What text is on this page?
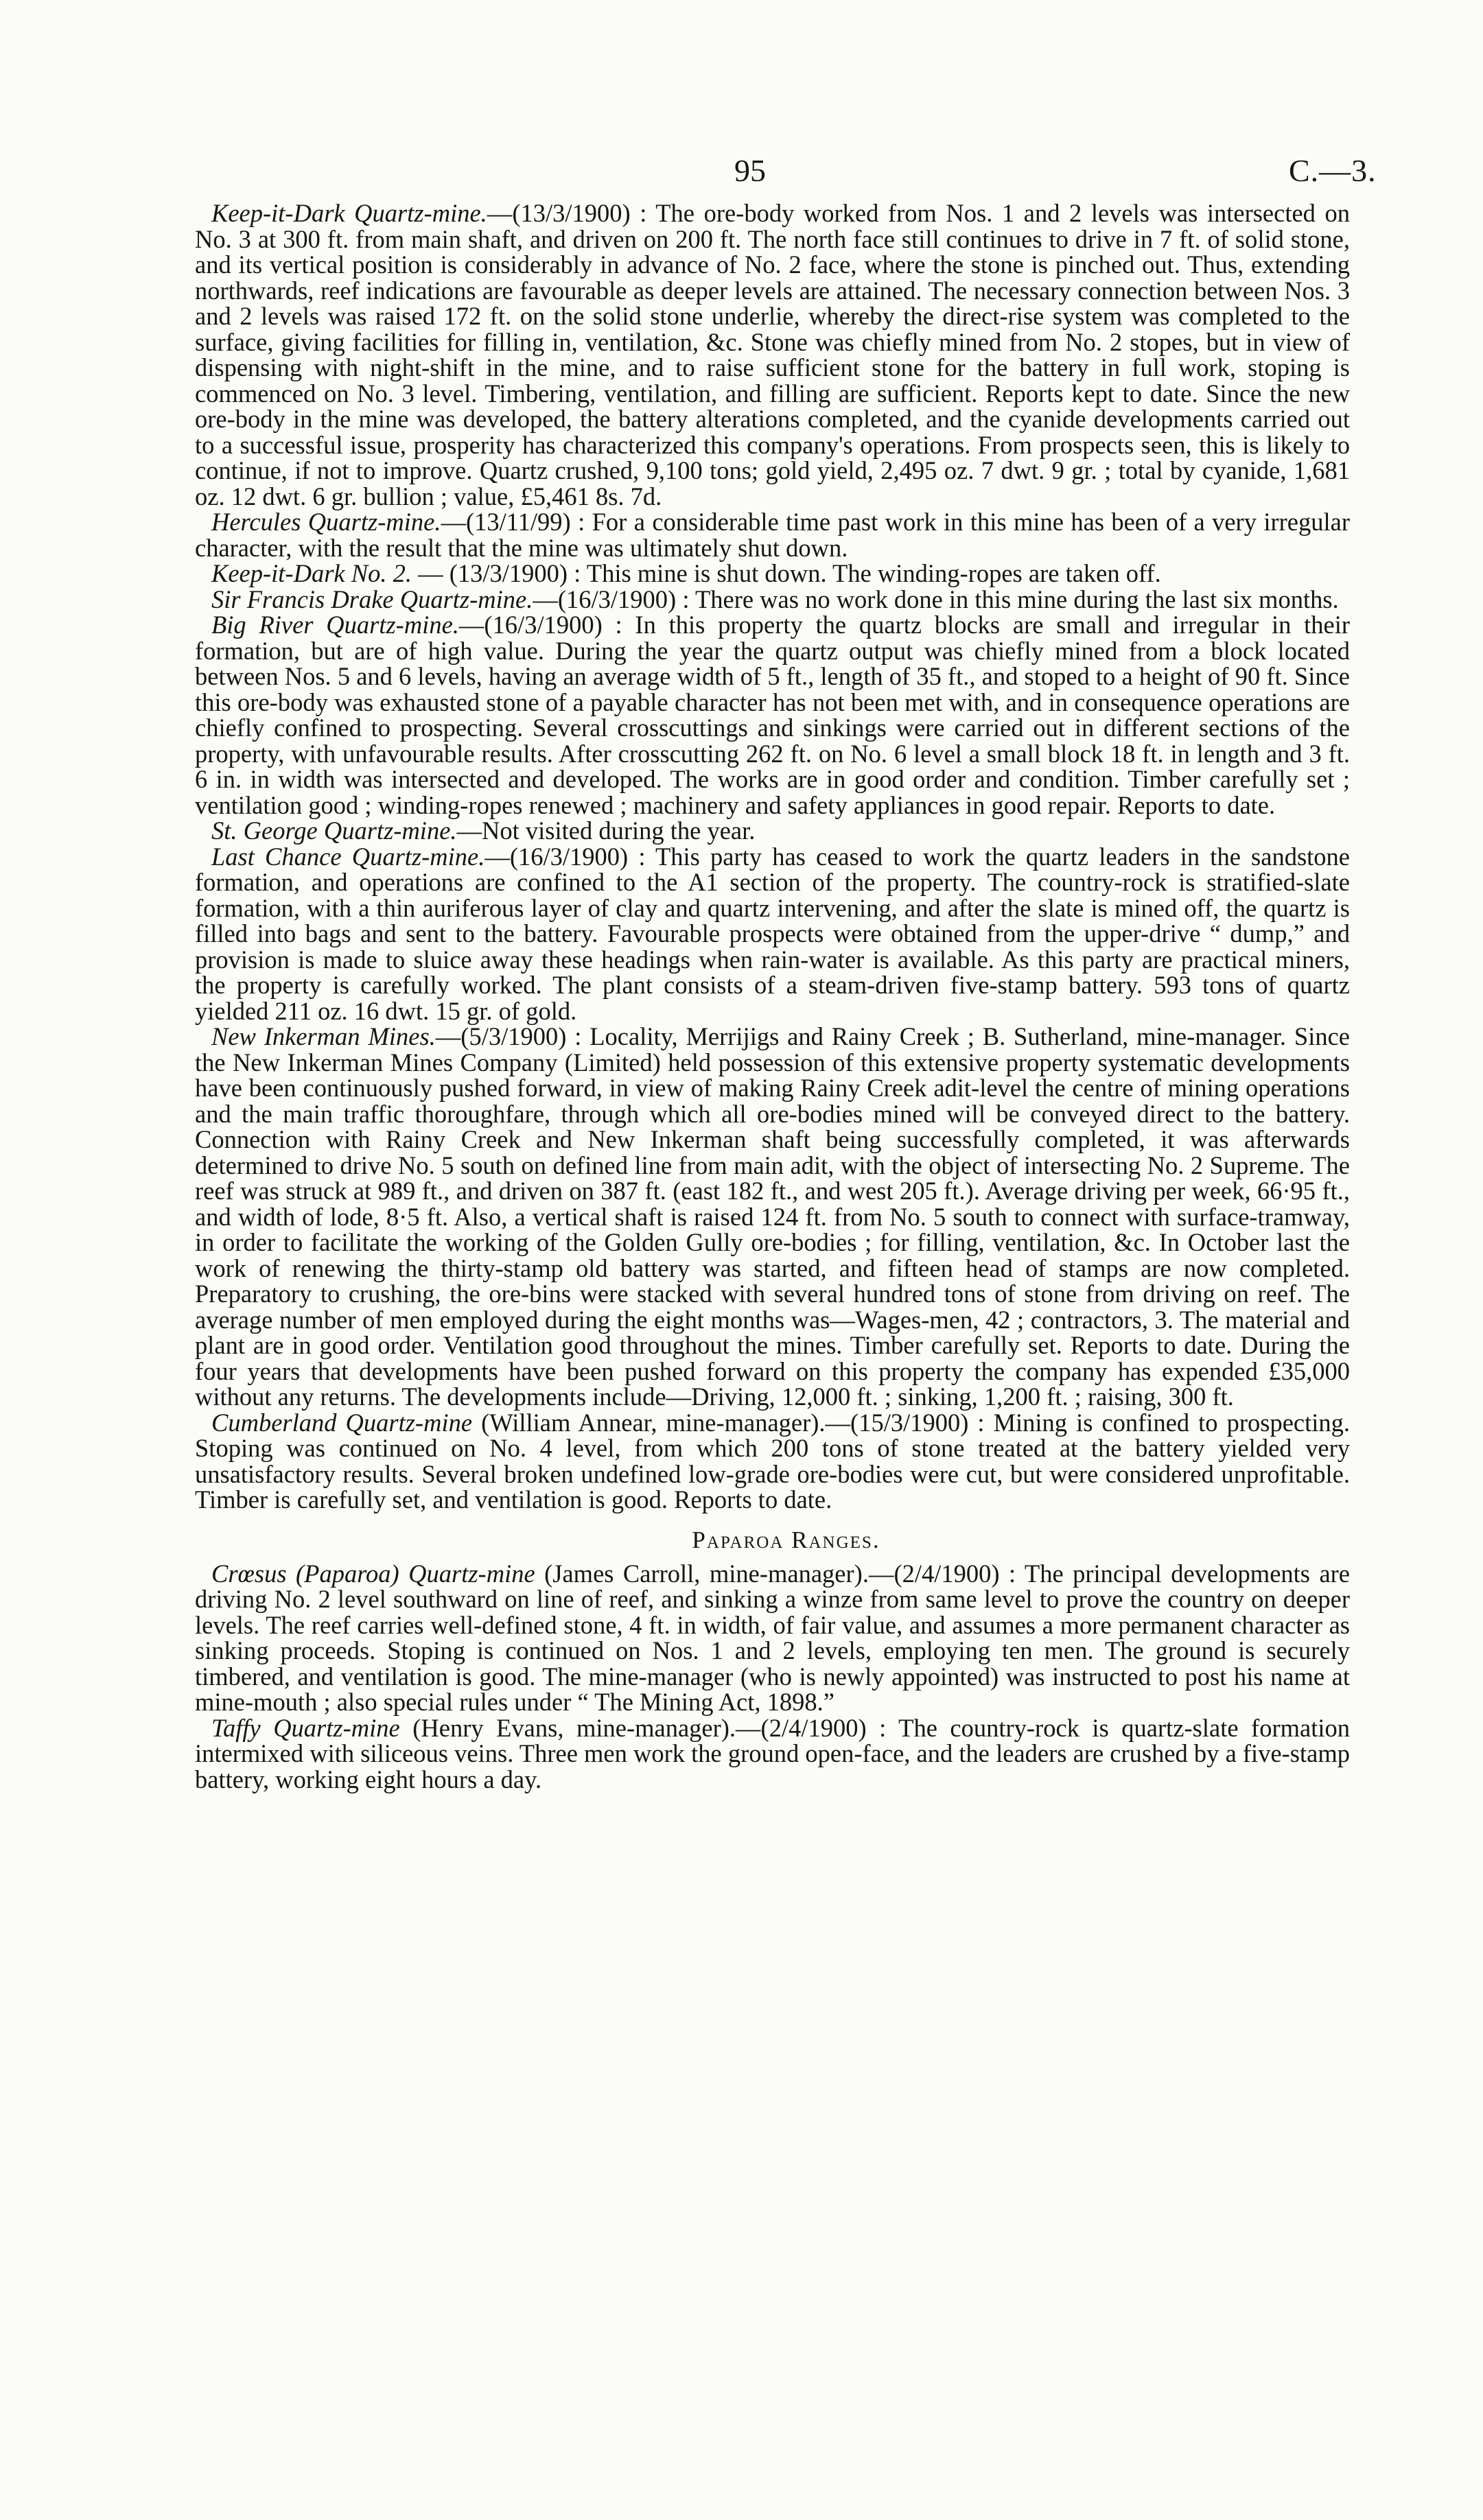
95	C.—3.

Keep-it-Dark Quartz-mine.—(13/3/1900) : The ore-body worked from Nos. 1 and 2 levels was intersected on No. 3 at 300 ft. from main shaft, and driven on 200 ft. The north face still continues to drive in 7 ft. of solid stone, and its vertical position is considerably in advance of No. 2 face, where the stone is pinched out. Thus, extending northwards, reef indications are favourable as deeper levels are attained. The necessary connection between Nos. 3 and 2 levels was raised 172 ft. on the solid stone underlie, whereby the direct-rise system was completed to the surface, giving facilities for filling in, ventilation, &c. Stone was chiefly mined from No. 2 stopes, but in view of dispensing with night-shift in the mine, and to raise sufficient stone for the battery in full work, stoping is commenced on No. 3 level. Timbering, ventilation, and filling are sufficient. Reports kept to date. Since the new ore-body in the mine was developed, the battery alterations completed, and the cyanide developments carried out to a successful issue, prosperity has characterized this company's operations. From prospects seen, this is likely to continue, if not to improve. Quartz crushed, 9,100 tons; gold yield, 2,495 oz. 7 dwt. 9 gr. ; total by cyanide, 1,681 oz. 12 dwt. 6 gr. bullion ; value, £5,461 8s. 7d.

Hercules Quartz-mine.—(13/11/99) : For a considerable time past work in this mine has been of a very irregular character, with the result that the mine was ultimately shut down.

Keep-it-Dark No. 2. — (13/3/1900) : This mine is shut down. The winding-ropes are taken off.

Sir Francis Drake Quartz-mine.—(16/3/1900) : There was no work done in this mine during the last six months.

Big River Quartz-mine.—(16/3/1900) : In this property the quartz blocks are small and irregular in their formation, but are of high value. During the year the quartz output was chiefly mined from a block located between Nos. 5 and 6 levels, having an average width of 5 ft., length of 35 ft., and stoped to a height of 90 ft. Since this ore-body was exhausted stone of a payable character has not been met with, and in consequence operations are chiefly confined to prospecting. Several crosscuttings and sinkings were carried out in different sections of the property, with unfavourable results. After crosscutting 262 ft. on No. 6 level a small block 18 ft. in length and 3 ft. 6 in. in width was intersected and developed. The works are in good order and condition. Timber carefully set ; ventilation good ; winding-ropes renewed ; machinery and safety appliances in good repair. Reports to date.

St. George Quartz-mine.—Not visited during the year.

Last Chance Quartz-mine.—(16/3/1900) : This party has ceased to work the quartz leaders in the sandstone formation, and operations are confined to the A1 section of the property. The country-rock is stratified-slate formation, with a thin auriferous layer of clay and quartz intervening, and after the slate is mined off, the quartz is filled into bags and sent to the battery. Favourable prospects were obtained from the upper-drive “ dump,” and provision is made to sluice away these headings when rain-water is available. As this party are practical miners, the property is carefully worked. The plant consists of a steam-driven five-stamp battery. 593 tons of quartz yielded 211 oz. 16 dwt. 15 gr. of gold.

New Inkerman Mines.—(5/3/1900) : Locality, Merrijigs and Rainy Creek ; B. Sutherland, mine-manager. Since the New Inkerman Mines Company (Limited) held possession of this extensive property systematic developments have been continuously pushed forward, in view of making Rainy Creek adit-level the centre of mining operations and the main traffic thoroughfare, through which all ore-bodies mined will be conveyed direct to the battery. Connection with Rainy Creek and New Inkerman shaft being successfully completed, it was afterwards determined to drive No. 5 south on defined line from main adit, with the object of intersecting No. 2 Supreme. The reef was struck at 989 ft., and driven on 387 ft. (east 182 ft., and west 205 ft.). Average driving per week, 66·95 ft., and width of lode, 8·5 ft. Also, a vertical shaft is raised 124 ft. from No. 5 south to connect with surface-tramway, in order to facilitate the working of the Golden Gully ore-bodies ; for filling, ventilation, &c. In October last the work of renewing the thirty-stamp old battery was started, and fifteen head of stamps are now completed. Preparatory to crushing, the ore-bins were stacked with several hundred tons of stone from driving on reef. The average number of men employed during the eight months was—Wages-men, 42 ; contractors, 3. The material and plant are in good order. Ventilation good throughout the mines. Timber carefully set. Reports to date. During the four years that developments have been pushed forward on this property the company has expended £35,000 without any returns. The developments include—Driving, 12,000 ft. ; sinking, 1,200 ft. ; raising, 300 ft.

Cumberland Quartz-mine (William Annear, mine-manager).—(15/3/1900) : Mining is confined to prospecting. Stoping was continued on No. 4 level, from which 200 tons of stone treated at the battery yielded very unsatisfactory results. Several broken undefined low-grade ore-bodies were cut, but were considered unprofitable. Timber is carefully set, and ventilation is good. Reports to date.

Paparoa Ranges.

Crœsus (Paparoa) Quartz-mine (James Carroll, mine-manager).—(2/4/1900) : The principal developments are driving No. 2 level southward on line of reef, and sinking a winze from same level to prove the country on deeper levels. The reef carries well-defined stone, 4 ft. in width, of fair value, and assumes a more permanent character as sinking proceeds. Stoping is continued on Nos. 1 and 2 levels, employing ten men. The ground is securely timbered, and ventilation is good. The mine-manager (who is newly appointed) was instructed to post his name at mine-mouth ; also special rules under “ The Mining Act, 1898.”

Taffy Quartz-mine (Henry Evans, mine-manager).—(2/4/1900) : The country-rock is quartz-slate formation intermixed with siliceous veins. Three men work the ground open-face, and the leaders are crushed by a five-stamp battery, working eight hours a day.
